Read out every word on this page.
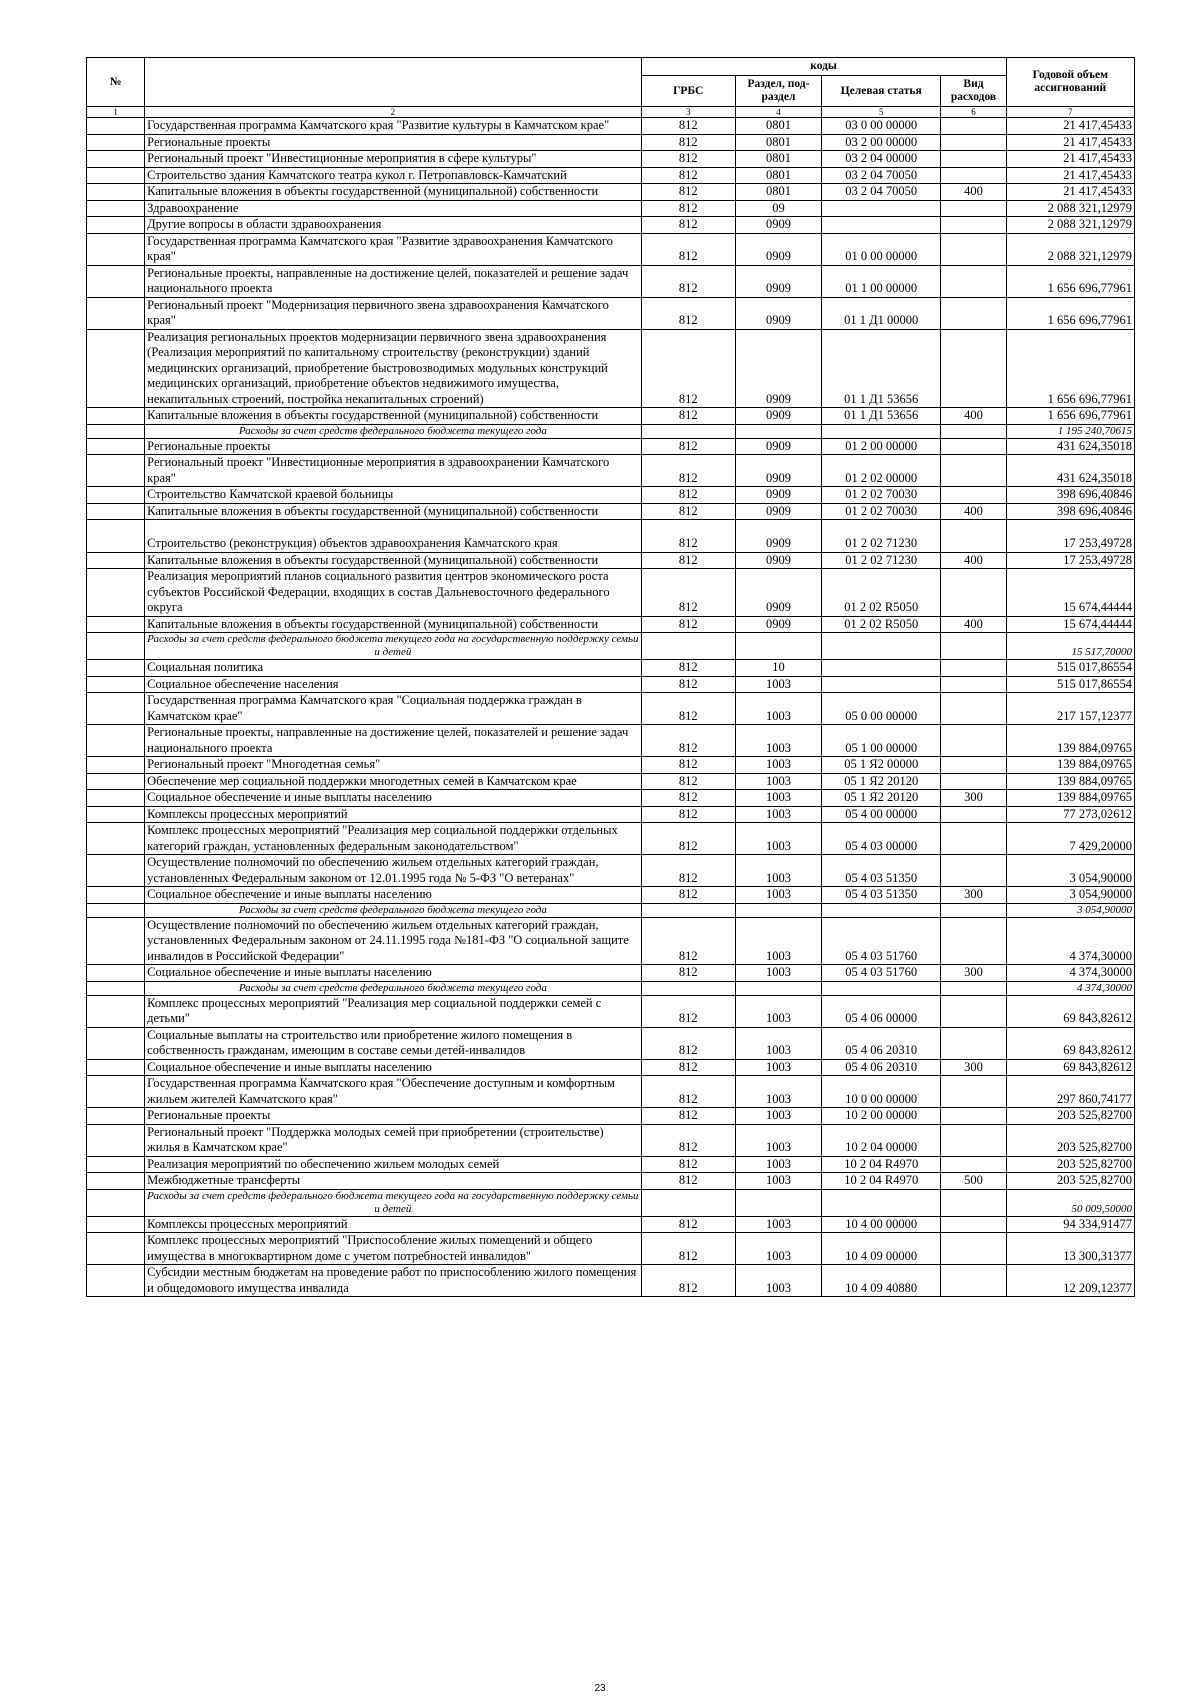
№		коды				Годовой объем ассигнований
		ГРБС	Раздел, под-раздел	Целевая статья	Вид расходов	
1	2	3	4	5	6	7
	Государственная программа Камчатского края "Развитие культуры в Камчатском крае"	812	0801	03 0 00 00000		21 417,45433
	Региональные проекты	812	0801	03 2 00 00000		21 417,45433
	Региональный проект "Инвестиционные мероприятия в сфере культуры"	812	0801	03 2 04 00000		21 417,45433
	Строительство здания Камчатского театра кукол г. Петропавловск-Камчатский	812	0801	03 2 04 70050		21 417,45433
	Капитальные вложения в объекты государственной (муниципальной) собственности	812	0801	03 2 04 70050	400	21 417,45433
	Здравоохранение	812	09			2 088 321,12979
	Другие вопросы в области здравоохранения	812	0909			2 088 321,12979
	Государственная программа Камчатского края "Развитие здравоохранения Камчатского края"	812	0909	01 0 00 00000		2 088 321,12979
	Региональные проекты, направленные на достижение целей, показателей и решение задач национального проекта	812	0909	01 1 00 00000		1 656 696,77961
	Региональный проект "Модернизация первичного звена здравоохранения Камчатского края"	812	0909	01 1 Д1 00000		1 656 696,77961
	Реализация региональных проектов модернизации первичного звена здравоохранения (Реализация мероприятий по капитальному строительству (реконструкции) зданий медицинских организаций, приобретение быстровозводимых модульных конструкций медицинских организаций, приобретение объектов недвижимого имущества, некапитальных строений, постройка некапитальных строений)	812	0909	01 1 Д1 53656		1 656 696,77961
	Капитальные вложения в объекты государственной (муниципальной) собственности	812	0909	01 1 Д1 53656	400	1 656 696,77961
	Расходы за счет средств федерального бюджета текущего года					1 195 240,70615
	Региональные проекты	812	0909	01 2 00 00000		431 624,35018
	Региональный проект "Инвестиционные мероприятия в здравоохранении Камчатского края"	812	0909	01 2 02 00000		431 624,35018
	Строительство Камчатской краевой больницы	812	0909	01 2 02 70030		398 696,40846
	Капитальные вложения в объекты государственной (муниципальной) собственности	812	0909	01 2 02 70030	400	398 696,40846
	Строительство (реконструкция) объектов здравоохранения Камчатского края	812	0909	01 2 02 71230		17 253,49728
	Капитальные вложения в объекты государственной (муниципальной) собственности	812	0909	01 2 02 71230	400	17 253,49728
	Реализация мероприятий планов социального развития центров экономического роста субъектов Российской Федерации, входящих в состав Дальневосточного федерального округа	812	0909	01 2 02 R5050		15 674,44444
	Капитальные вложения в объекты государственной (муниципальной) собственности	812	0909	01 2 02 R5050	400	15 674,44444
	Расходы за счет средств федерального бюджета текущего года на государственную поддержку семьи и детей					15 517,70000
	Социальная политика	812	10			515 017,86554
	Социальное обеспечение населения	812	1003			515 017,86554
	Государственная программа Камчатского края "Социальная поддержка граждан в Камчатском крае"	812	1003	05 0 00 00000		217 157,12377
	Региональные проекты, направленные на достижение целей, показателей и решение задач национального проекта	812	1003	05 1 00 00000		139 884,09765
	Региональный проект "Многодетная семья"	812	1003	05 1 Я2 00000		139 884,09765
	Обеспечение мер социальной поддержки многодетных семей в Камчатском крае	812	1003	05 1 Я2 20120		139 884,09765
	Социальное обеспечение и иные выплаты населению	812	1003	05 1 Я2 20120	300	139 884,09765
	Комплексы процессных мероприятий	812	1003	05 4 00 00000		77 273,02612
	Комплекс процессных мероприятий "Реализация мер социальной поддержки отдельных категорий граждан, установленных федеральным законодательством"	812	1003	05 4 03 00000		7 429,20000
	Осуществление полномочий по обеспечению жильем отдельных категорий граждан, установленных Федеральным законом от 12.01.1995 года № 5-ФЗ "О ветеранах"	812	1003	05 4 03 51350		3 054,90000
	Социальное обеспечение и иные выплаты населению	812	1003	05 4 03 51350	300	3 054,90000
	Расходы за счет средств федерального бюджета текущего года					3 054,90000
	Осуществление полномочий по обеспечению жильем отдельных категорий граждан, установленных Федеральным законом от 24.11.1995 года №181-ФЗ "О социальной защите инвалидов в Российской Федерации"	812	1003	05 4 03 51760		4 374,30000
	Социальное обеспечение и иные выплаты населению	812	1003	05 4 03 51760	300	4 374,30000
	Расходы за счет средств федерального бюджета текущего года					4 374,30000
	Комплекс процессных мероприятий "Реализация мер социальной поддержки семей с детьми"	812	1003	05 4 06 00000		69 843,82612
	Социальные выплаты на строительство или приобретение жилого помещения в собственность гражданам, имеющим в составе семьи детей-инвалидов	812	1003	05 4 06 20310		69 843,82612
	Социальное обеспечение и иные выплаты населению	812	1003	05 4 06 20310	300	69 843,82612
	Государственная программа Камчатского края "Обеспечение доступным и комфортным жильем жителей Камчатского края"	812	1003	10 0 00 00000		297 860,74177
	Региональные проекты	812	1003	10 2 00 00000		203 525,82700
	Региональный проект "Поддержка молодых семей при приобретении (строительстве) жилья в Камчатском крае"	812	1003	10 2 04 00000		203 525,82700
	Реализация мероприятий по обеспечению жильем молодых семей	812	1003	10 2 04 R4970		203 525,82700
	Межбюджетные трансферты	812	1003	10 2 04 R4970	500	203 525,82700
	Расходы за счет средств федерального бюджета текущего года на государственную поддержку семьи и детей					50 009,50000
	Комплексы процессных мероприятий	812	1003	10 4 00 00000		94 334,91477
	Комплекс процессных мероприятий "Приспособление жилых помещений и общего имущества в многоквартирном доме с учетом потребностей инвалидов"	812	1003	10 4 09 00000		13 300,31377
	Субсидии местным бюджетам на проведение работ по приспособлению жилого помещения и общедомового имущества инвалида	812	1003	10 4 09 40880		12 209,12377
23
